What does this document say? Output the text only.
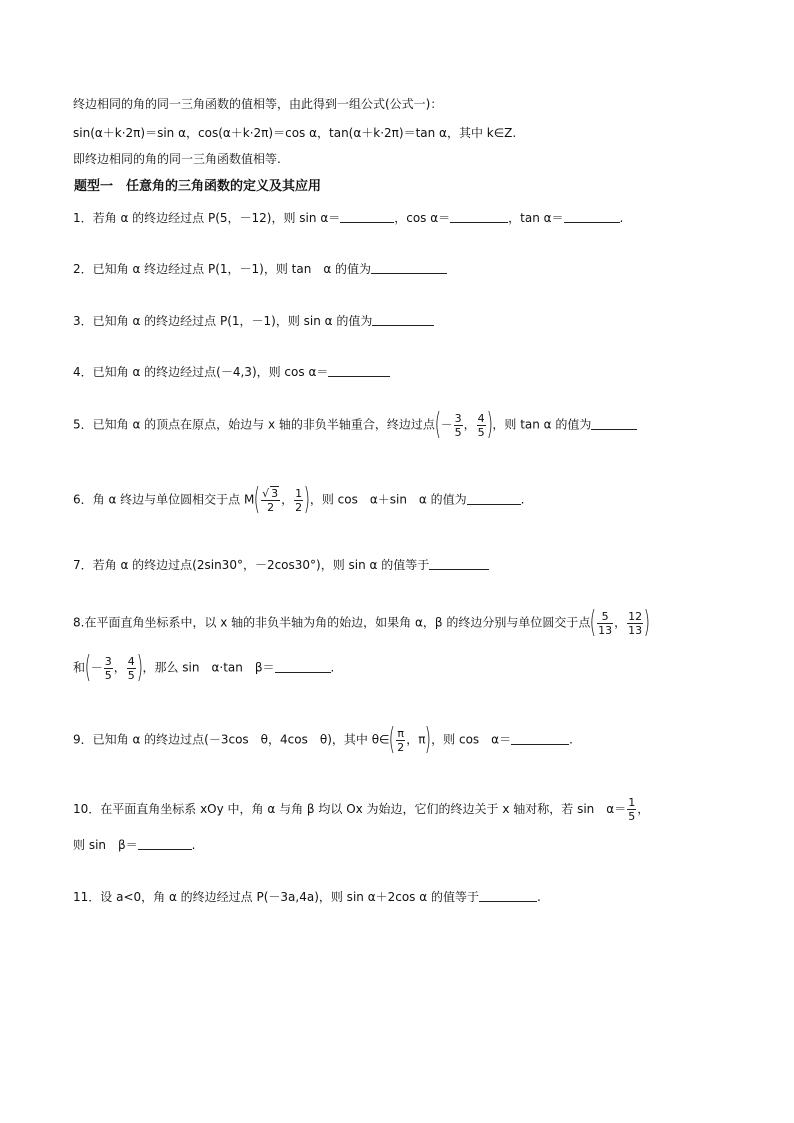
终边相同的角的同一三角函数的值相等，由此得到一组公式(公式一)：
sin(α＋k·2π)＝sin α，cos(α＋k·2π)＝cos α，tan(α＋k·2π)＝tan α，其中 k∈Z.
即终边相同的角的同一三角函数值相等.
题型一　任意角的三角函数的定义及其应用
1．若角 α 的终边经过点 P(5，－12)，则 sin α＝	，cos α＝	，tan α＝	.
2．已知角 α 终边经过点 P(1，－1)，则 tan　α 的值为
3．已知角 α 的终边经过点 P(1，－1)，则 sin α 的值为
4．已知角 α 的终边经过点(－4,3)，则 cos α＝
5．已知角 α 的顶点在原点，始边与 x 轴的非负半轴重合，终边过点(－ $\frac{3}{5}$ ， $\frac{4}{5}$ )，则 tan α 的值为
6．角 α 终边与单位圆相交于点 $M( \frac{√ 3}{2}$ ， $\frac{1}{2}$ )，则 cos　α＋sin　α 的值为	.
7．若角 α 的终边过点(2sin30°，－2cos30°)，则 sin α 的值等于
8.在平面直角坐标系中，以 x 轴的非负半轴为角的始边，如果角 α，β 的终边分别与单位圆交于点( $\frac{5}{13}$ ， $\frac{12}{13}$ )
和(－ $\frac{3}{5}$ ， $\frac{4}{5}$ )，那么 sin　α·tan　β＝	.
9．已知角 α 的终边过点(－3cos　θ，4cos　θ)，其中 θ∈( $\frac{\pi}{2}$ ，π)，则 cos　α＝	.
10．在平面直角坐标系 xOy 中，角 α 与角 β 均以 Ox 为始边，它们的终边关于 x 轴对称，若 sin　$\alpha= \frac{1}{5}$ ，
则 sin　β＝	.
11．设 a<0，角 α 的终边经过点 P(－3a,4a)，则 sin α＋2cos α 的值等于	.
